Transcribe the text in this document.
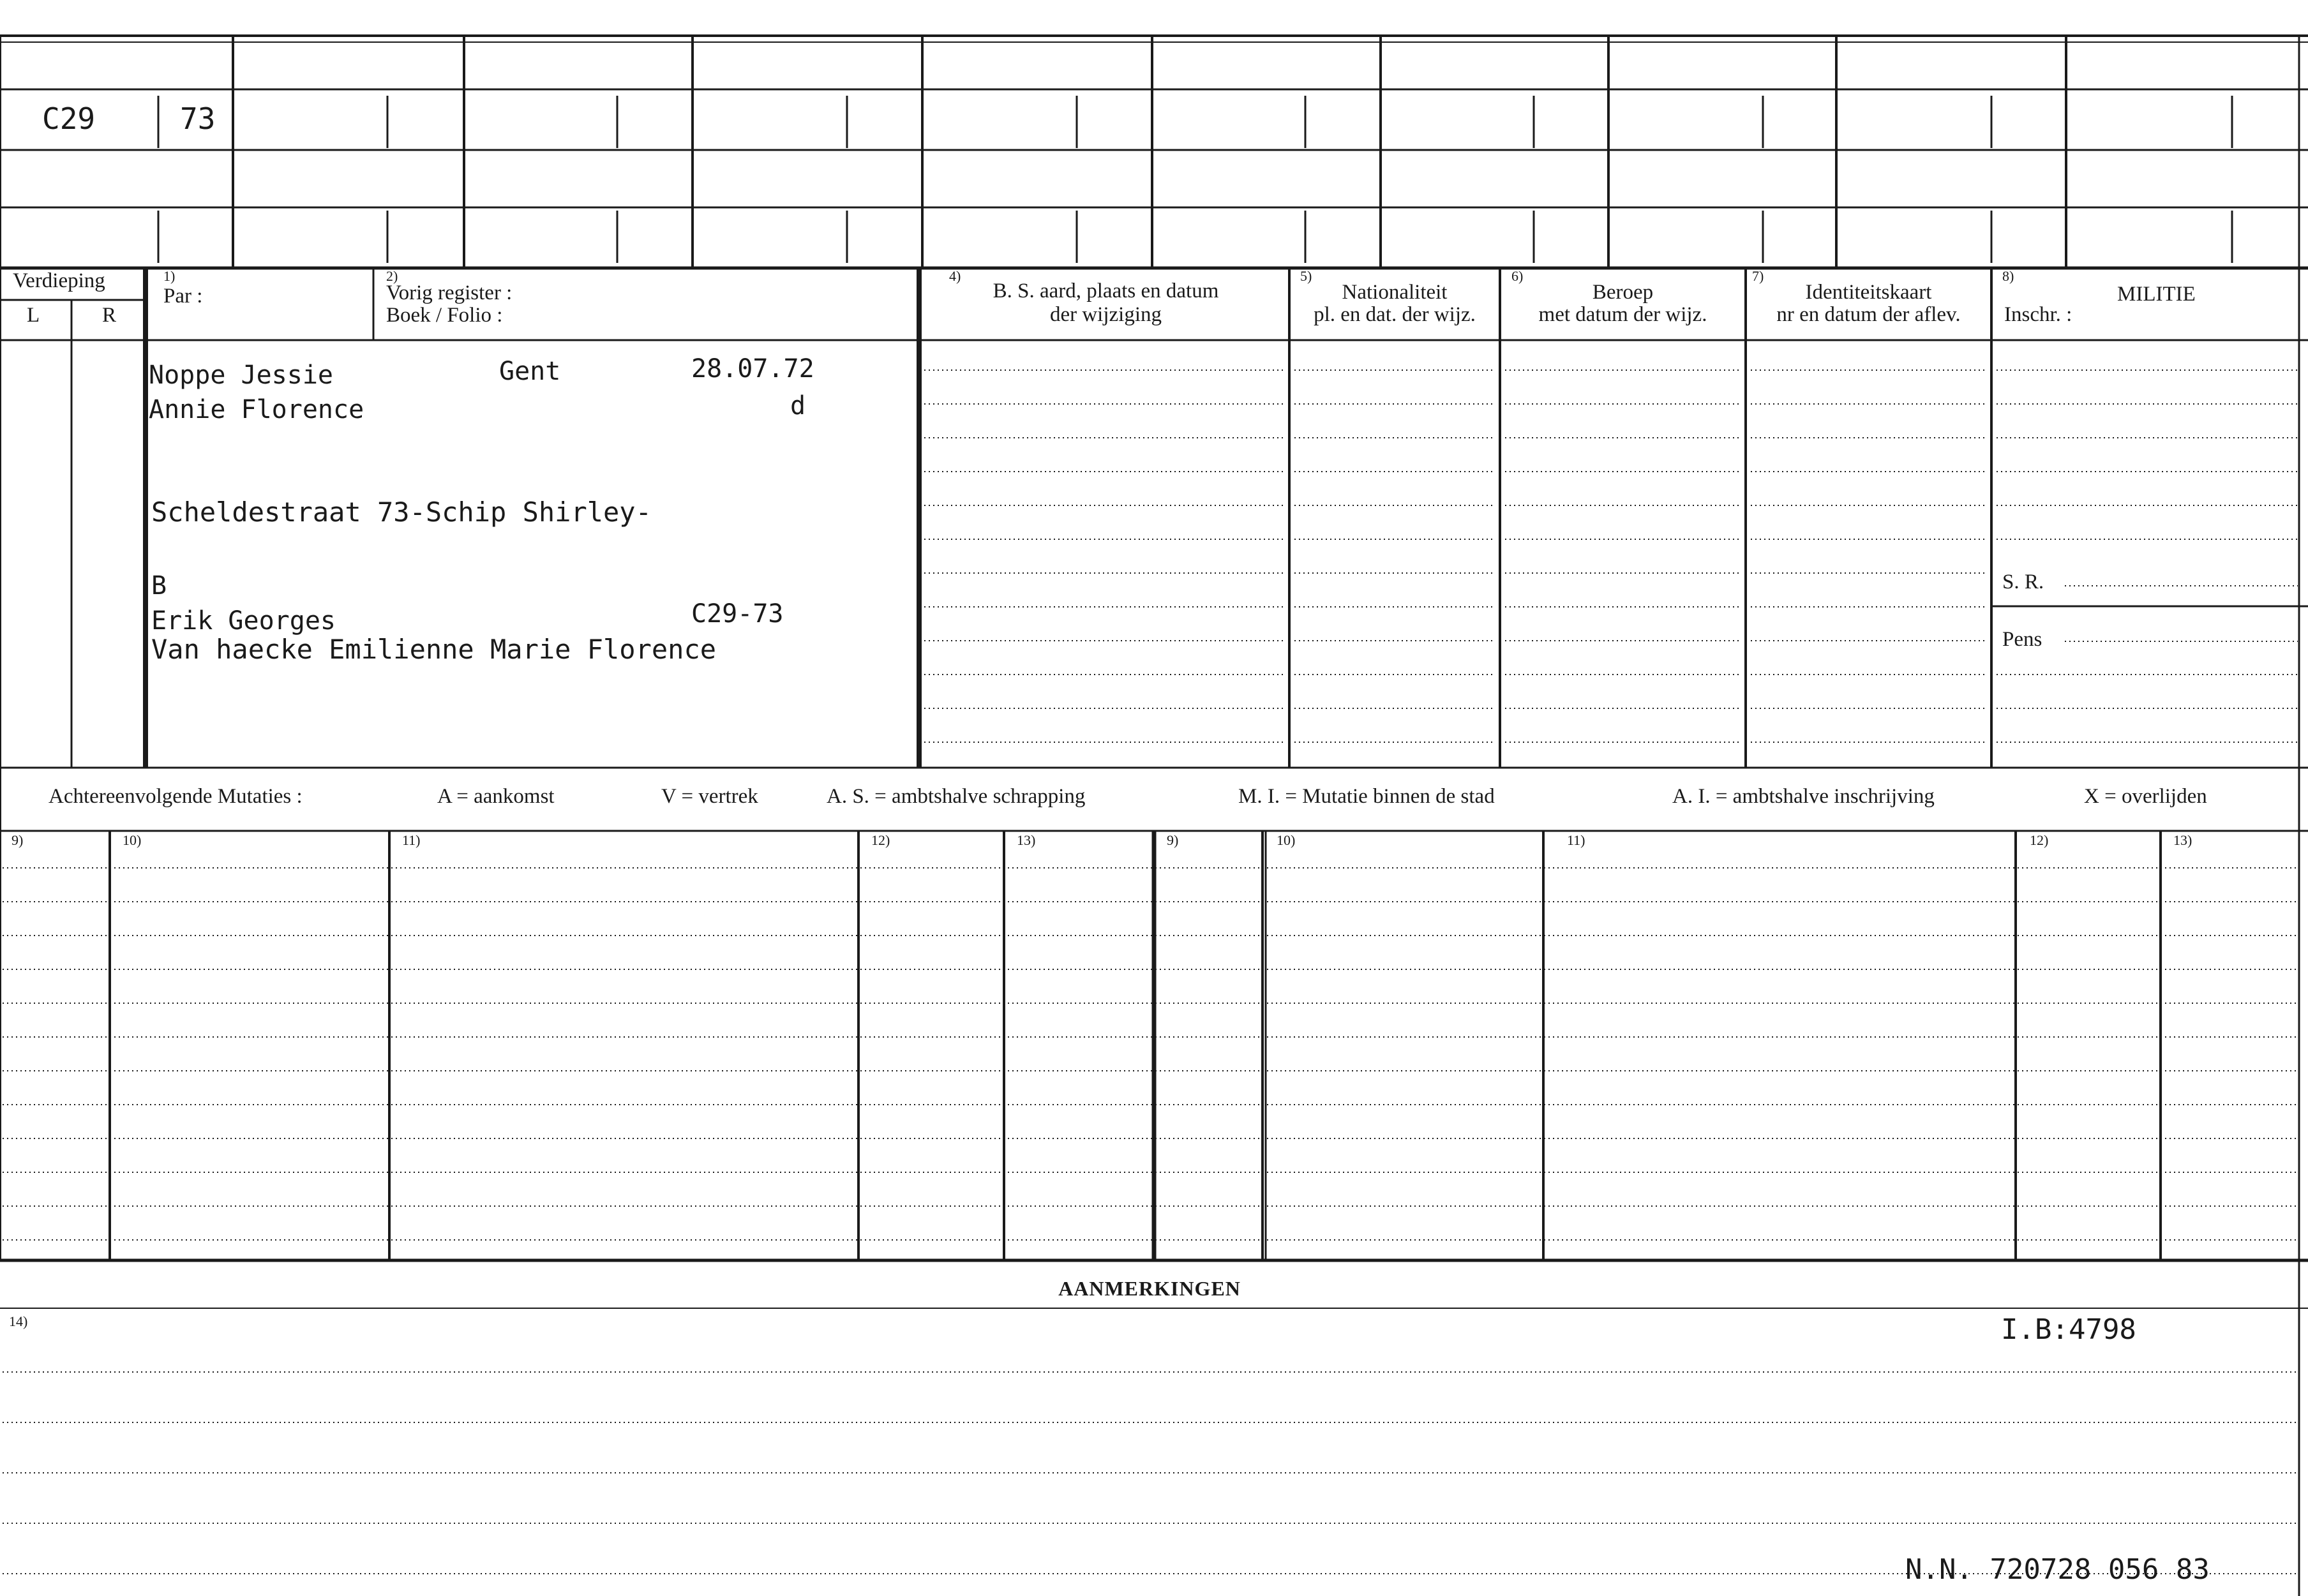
C29	73
Verdieping
L	R
1)
Par :
2)
Vorig register :
Boek / Folio :
4)
B. S. aard, plaats en datum
der wijziging
5)
Nationaliteit
pl. en dat. der wijz.
6)
Beroep
met datum der wijz.
7)
Identiteitskaart
nr en datum der aflev.
8)
MILITIE
Inschr. :
Noppe Jessie	Gent	28.07.72
Annie Florence	d
Scheldestraat 73-Schip Shirley-
B
Erik Georges	C29-73
Van haecke Emilienne Marie Florence
S. R.
Pens
Achtereenvolgende Mutaties :	A = aankomst	V = vertrek	A. S. = ambtshalve schrapping	M. I. = Mutatie binnen de stad	A. I. = ambtshalve inschrijving	X = overlijden
9)	10)	11)	12)	13)	9)	10)	11)	12)	13)
AANMERKINGEN
14)	I.B:4798
N.N. 720728 056 83
